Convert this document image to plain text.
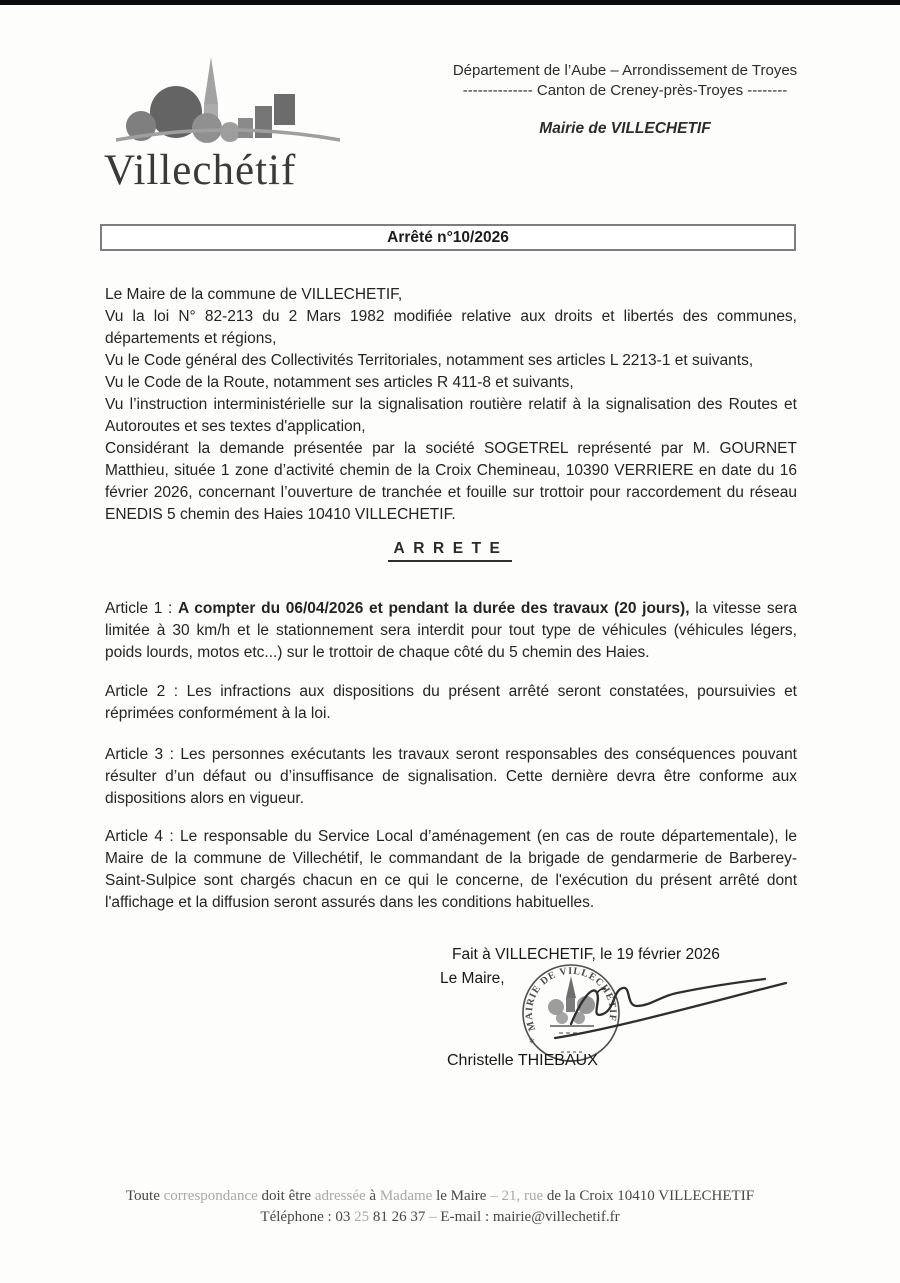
Villechétif
Département de l’Aube – Arrondissement de Troyes
-------------- Canton de Creney-près-Troyes --------
Mairie de VILLECHETIF
Arrêté n°10/2026

Le Maire de la commune de VILLECHETIF,

Vu la loi N° 82-213 du 2 Mars 1982 modifiée relative aux droits et libertés des communes, départements et régions,

Vu le Code général des Collectivités Territoriales, notamment ses articles L 2213-1 et suivants,

Vu le Code de la Route, notamment ses articles R 411-8 et suivants,

Vu l’instruction interministérielle sur la signalisation routière relatif à la signalisation des Routes et Autoroutes et ses textes d'application,

Considérant la demande présentée par la société SOGETREL représenté par M. GOURNET Matthieu, située 1 zone d’activité chemin de la Croix Chemineau, 10390 VERRIERE en date du 16 février 2026, concernant l’ouverture de tranchée et fouille sur trottoir pour raccordement du réseau ENEDIS 5 chemin des Haies 10410 VILLECHETIF.

ARRETE

Article 1 : A compter du 06/04/2026 et pendant la durée des travaux (20 jours), la vitesse sera limitée à 30 km/h et le stationnement sera interdit pour tout type de véhicules (véhicules légers, poids lourds, motos etc...) sur le trottoir de chaque côté du 5 chemin des Haies.

Article 2 : Les infractions aux dispositions du présent arrêté seront constatées, poursuivies et réprimées conformément à la loi.

Article 3 : Les personnes exécutants les travaux seront responsables des conséquences pouvant résulter d’un défaut ou d’insuffisance de signalisation. Cette dernière devra être conforme aux dispositions alors en vigueur.

Article 4 : Le responsable du Service Local d’aménagement (en cas de route départementale), le Maire de la commune de Villechétif, le commandant de la brigade de gendarmerie de Barberey-Saint-Sulpice sont chargés chacun en ce qui le concerne, de l'exécution du présent arrêté dont l'affichage et la diffusion seront assurés dans les conditions habituelles.

Fait à VILLECHETIF, le 19 février 2026
Le Maire,
MAIRIE DE VILLECHETIF
✶
Christelle THIEBAUX
Toute correspondance doit être adressée à Madame le Maire – 21, rue de la Croix 10410 VILLECHETIF
Téléphone : 03 25 81 26 37 – E-mail : mairie@villechetif.fr
